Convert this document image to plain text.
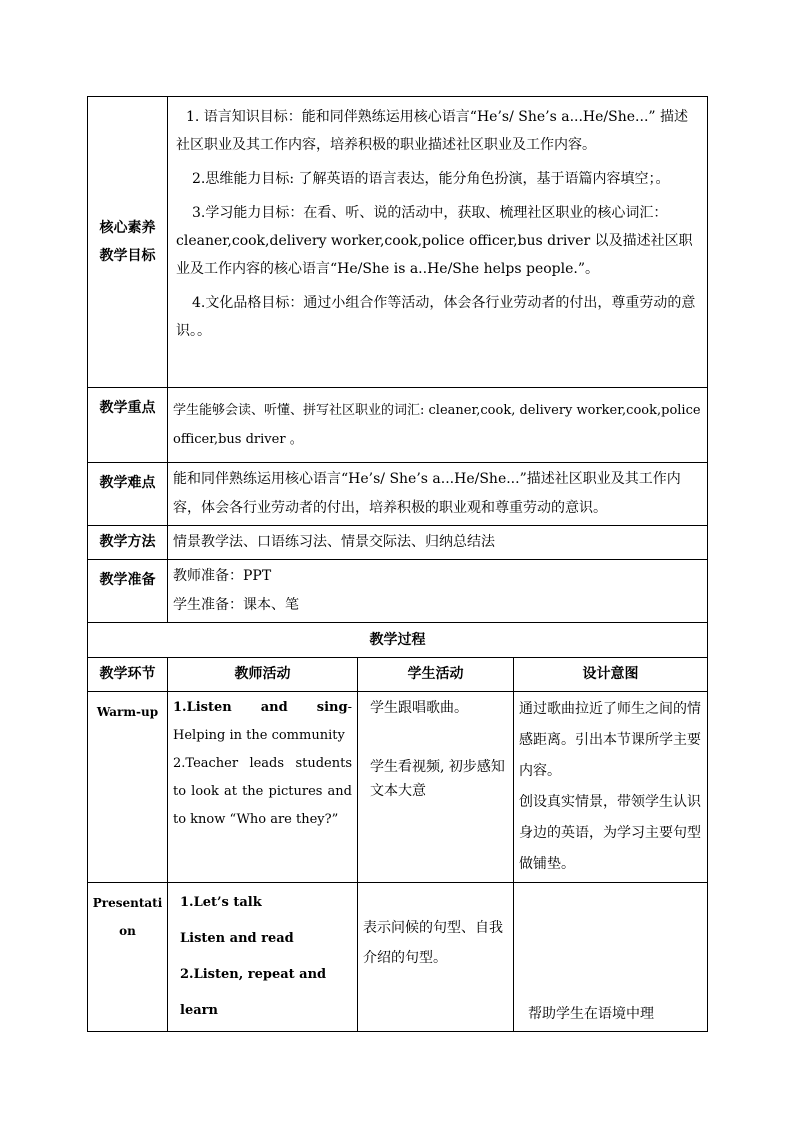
核心素养教学目标	1. 语言知识目标：能和同伴熟练运用核心语言“He’s/ She’s a...He/She...” 描述社区职业及其工作内容，培养积极的职业描述社区职业及工作内容。

2.思维能力目标: 了解英语的语言表达，能分角色扮演，基于语篇内容填空；。

3.学习能力目标：在看、听、说的活动中，获取、梳理社区职业的核心词汇： cleaner,cook,delivery worker,cook,police officer,bus driver 以及描述社区职业及工作内容的核心语言“He/She is a..He/She helps people.”。

4.文化品格目标：通过小组合作等活动，体会各行业劳动者的付出，尊重劳动的意识。。		

教学重点	学生能够会读、听懂、拼写社区职业的词汇: cleaner,cook, delivery worker,cook,police officer,bus driver 。		
教学难点	能和同伴熟练运用核心语言“He’s/ She’s a...He/She...”描述社区职业及其工作内容，体会各行业劳动者的付出，培养积极的职业观和尊重劳动的意识。		
教学方法	情景教学法、口语练习法、情景交际法、归纳总结法		
教学准备	教师准备：PPT
学生准备：课本、笔		

教学过程			
教学环节	教师活动	学生活动	设计意图
Warm-up	1.Listen and sing-Helping in the community
2.Teacher leads students to look at the pictures and to know “Who are they?”	学生跟唱歌曲。
学生看视频, 初步感知文本大意	通过歌曲拉近了师生之间的情感距离。引出本节课所学主要内容。
创设真实情景，带领学生认识身边的英语，为学习主要句型做铺垫。

Presentation	1.Let’s talk
Listen and read
2.Listen, repeat and learn	表示问候的句型、自我介绍的句型。	帮助学生在语境中理
